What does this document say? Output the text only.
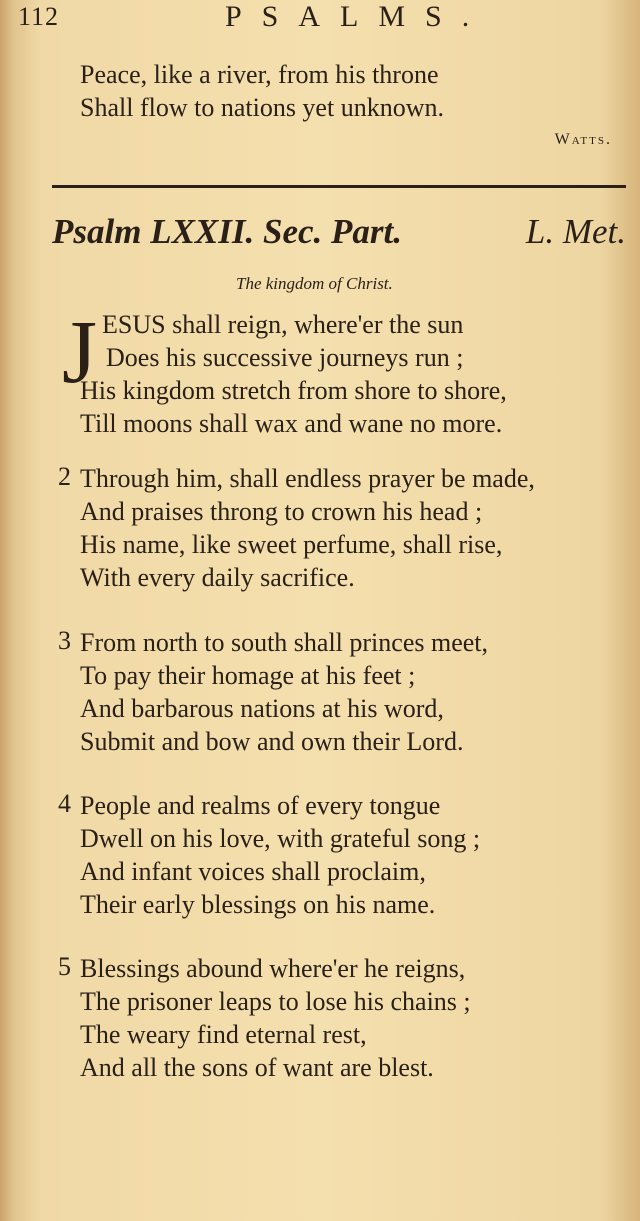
112	PSALMS.
Peace, like a river, from his throne
Shall flow to nations yet unknown.
Watts.
Psalm LXXII. Sec. Part.	L. Met.
The kingdom of Christ.
J ESUS shall reign, where'er the sun
Does his successive journeys run ;
His kingdom stretch from shore to shore,
Till moons shall wax and wane no more.
2 Through him, shall endless prayer be made,
And praises throng to crown his head ;
His name, like sweet perfume, shall rise,
With every daily sacrifice.
3 From north to south shall princes meet,
To pay their homage at his feet ;
And barbarous nations at his word,
Submit and bow and own their Lord.
4 People and realms of every tongue
Dwell on his love, with grateful song ;
And infant voices shall proclaim,
Their early blessings on his name.
5 Blessings abound where'er he reigns,
The prisoner leaps to lose his chains ;
The weary find eternal rest,
And all the sons of want are blest.
